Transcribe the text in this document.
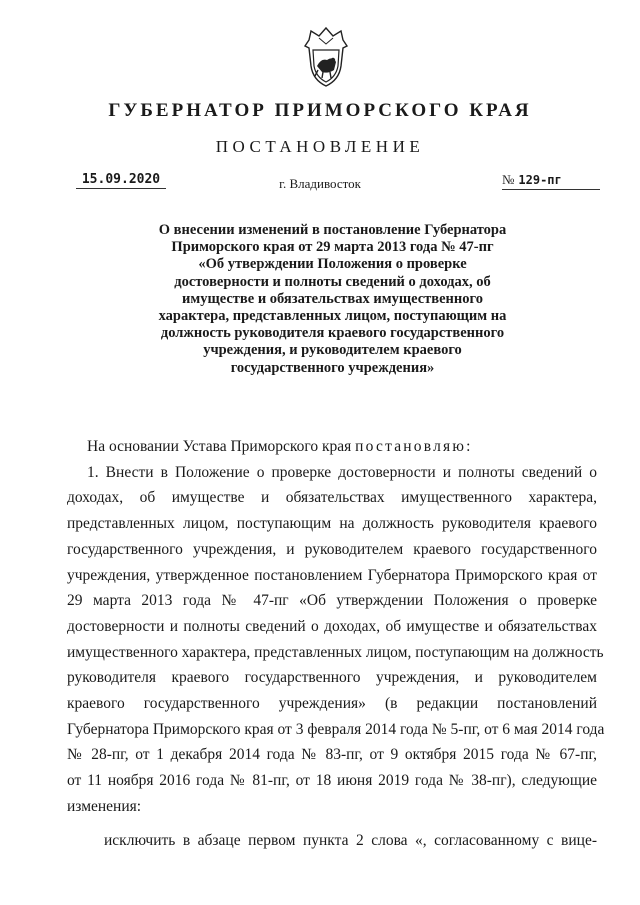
ГУБЕРНАТОР ПРИМОРСКОГО КРАЯ
ПОСТАНОВЛЕНИЕ
15.09.2020	г. Владивосток	№ 129-пг
О внесении изменений в постановление Губернатора
Приморского края от 29 марта 2013 года № 47-пг
«Об утверждении Положения о проверке
достоверности и полноты сведений о доходах, об
имуществе и обязательствах имущественного
характера, представленных лицом, поступающим на
должность руководителя краевого государственного
учреждения, и руководителем краевого
государственного учреждения»
На основании Устава Приморского края постановляю:
1. Внести в Положение о проверке достоверности и полноты сведений о
доходах, об имуществе и обязательствах имущественного характера,
представленных лицом, поступающим на должность руководителя краевого
государственного учреждения, и руководителем краевого государственного
учреждения, утвержденное постановлением Губернатора Приморского края от
29 марта 2013 года № 47-пг «Об утверждении Положения о проверке
достоверности и полноты сведений о доходах, об имуществе и обязательствах
имущественного характера, представленных лицом, поступающим на должность
руководителя краевого государственного учреждения, и руководителем
краевого государственного учреждения» (в редакции постановлений
Губернатора Приморского края от 3 февраля 2014 года № 5-пг, от 6 мая 2014 года
№ 28-пг, от 1 декабря 2014 года № 83-пг, от 9 октября 2015 года № 67-пг,
от 11 ноября 2016 года № 81-пг, от 18 июня 2019 года № 38-пг), следующие
изменения:
исключить в абзаце первом пункта 2 слова «, согласованному с вице-
